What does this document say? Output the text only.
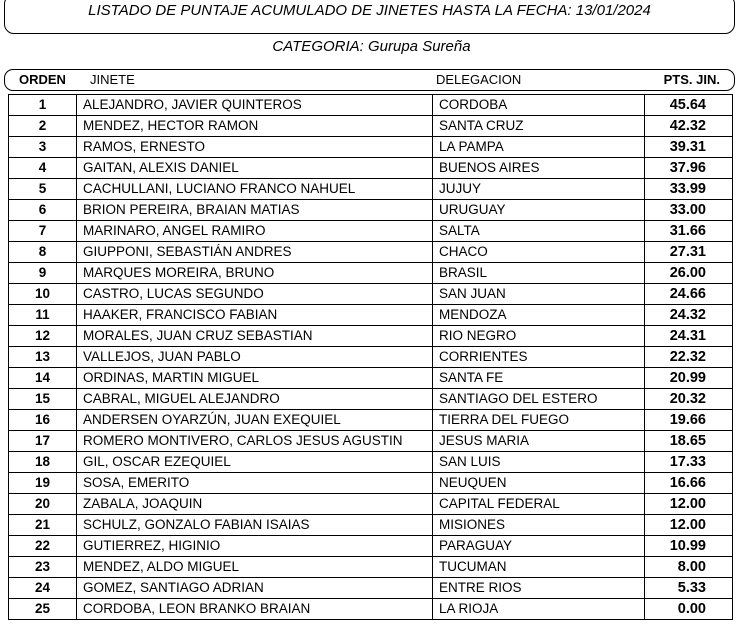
LISTADO DE PUNTAJE ACUMULADO DE JINETES HASTA LA FECHA: 13/01/2024
CATEGORIA: Gurupa Sureña
ORDEN JINETE	DELEGACION	PTS. JIN.
1	ALEJANDRO, JAVIER QUINTEROS	CORDOBA	45.64
2	MENDEZ, HECTOR RAMON	SANTA CRUZ	42.32
3	RAMOS, ERNESTO	LA PAMPA	39.31
4	GAITAN, ALEXIS DANIEL	BUENOS AIRES	37.96
5	CACHULLANI, LUCIANO FRANCO NAHUEL	JUJUY	33.99
6	BRION PEREIRA, BRAIAN MATIAS	URUGUAY	33.00
7	MARINARO, ANGEL RAMIRO	SALTA	31.66
8	GIUPPONI, SEBASTIÁN ANDRES	CHACO	27.31
9	MARQUES MOREIRA, BRUNO	BRASIL	26.00
10	CASTRO, LUCAS SEGUNDO	SAN JUAN	24.66
11	HAAKER, FRANCISCO FABIAN	MENDOZA	24.32
12	MORALES, JUAN CRUZ SEBASTIAN	RIO NEGRO	24.31
13	VALLEJOS, JUAN PABLO	CORRIENTES	22.32
14	ORDINAS, MARTIN MIGUEL	SANTA FE	20.99
15	CABRAL, MIGUEL ALEJANDRO	SANTIAGO DEL ESTERO	20.32
16	ANDERSEN OYARZÚN, JUAN EXEQUIEL	TIERRA DEL FUEGO	19.66
17	ROMERO MONTIVERO, CARLOS JESUS AGUSTIN	JESUS MARIA	18.65
18	GIL, OSCAR EZEQUIEL	SAN LUIS	17.33
19	SOSA, EMERITO	NEUQUEN	16.66
20	ZABALA, JOAQUIN	CAPITAL FEDERAL	12.00
21	SCHULZ, GONZALO FABIAN ISAIAS	MISIONES	12.00
22	GUTIERREZ, HIGINIO	PARAGUAY	10.99
23	MENDEZ, ALDO MIGUEL	TUCUMAN	8.00
24	GOMEZ, SANTIAGO ADRIAN	ENTRE RIOS	5.33
25	CORDOBA, LEON BRANKO BRAIAN	LA RIOJA	0.00
